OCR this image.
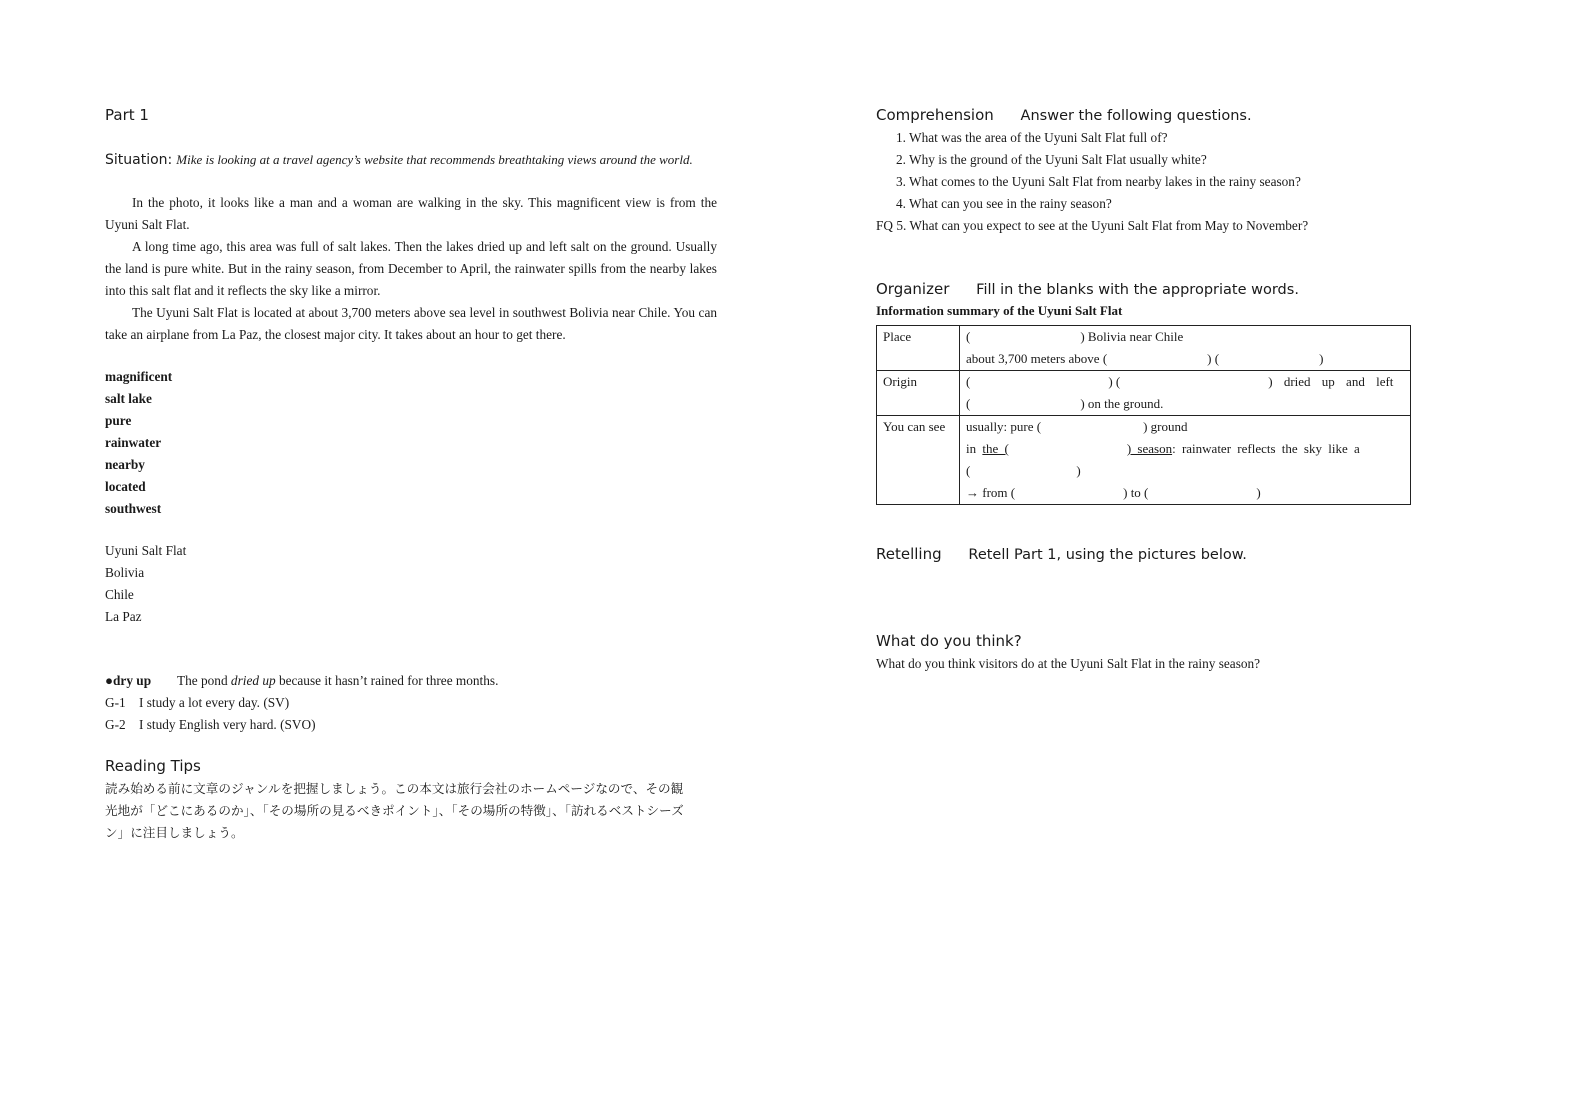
Part 1
Situation: Mike is looking at a travel agency’s website that recommends breathtaking views around the world.

In the photo, it looks like a man and a woman are walking in the sky. This magnificent view is from the Uyuni Salt Flat.

A long time ago, this area was full of salt lakes. Then the lakes dried up and left salt on the ground. Usually the land is pure white. But in the rainy season, from December to April, the rainwater spills from the nearby lakes into this salt flat and it reflects the sky like a mirror.

The Uyuni Salt Flat is located at about 3,700 meters above sea level in southwest Bolivia near Chile. You can take an airplane from La Paz, the closest major city. It takes about an hour to get there.

magnificent
salt lake
pure
rainwater
nearby
located
southwest
Uyuni Salt Flat
Bolivia
Chile
La Paz
●dry up The pond dried up because it hasn’t rained for three months.
G-1 I study a lot every day. (SV)
G-2 I study English very hard. (SVO)
Reading Tips
読み始める前に文章のジャンルを把握しましょう。この本文は旅行会社のホームページなので、その観
光地が「どこにあるのか」、「その場所の見るべきポイント」、「その場所の特徴」、「訪れるベストシーズ
ン」に注目しましょう。
Comprehension Answer the following questions.
1. What was the area of the Uyuni Salt Flat full of?
2. Why is the ground of the Uyuni Salt Flat usually white?
3. What comes to the Uyuni Salt Flat from nearby lakes in the rainy season?
4. What can you see in the rainy season?
FQ 5. What can you expect to see at the Uyuni Salt Flat from May to November?
Organizer Fill in the blanks with the appropriate words.
Information summary of the Uyuni Salt Flat
Place	( ) Bolivia near Chile
about 3,700 meters above ( ) ( )

Origin	( ) ( ) dried up and left
( ) on the ground.

You can see	usually: pure ( ) ground
in the ( ) season: rainwater reflects the sky like a
( )
→ from ( ) to ( )
Retelling Retell Part 1, using the pictures below.
What do you think?
What do you think visitors do at the Uyuni Salt Flat in the rainy season?
